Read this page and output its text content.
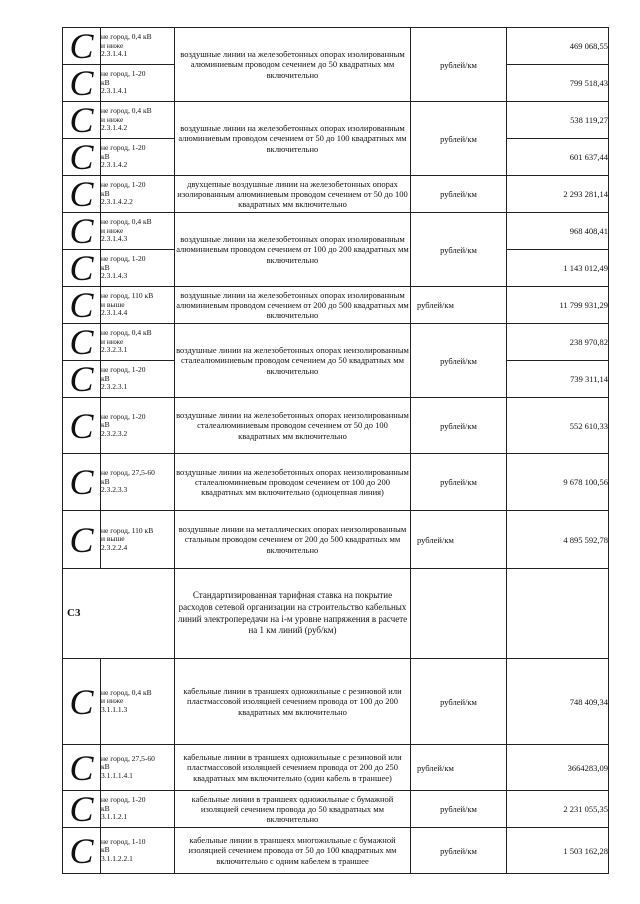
C	не город, 0,4 кВ
и ниже
2.3.1.4.1	воздушные линии на железобетонных опорах изолированным алюминиевым проводом сечением до 50 квадратных мм включительно	рублей/км	469 068,55
C	не город, 1-20
кВ
2.3.1.4.1			799 518,43
C	не город, 0,4 кВ
и ниже
2.3.1.4.2	воздушные линии на железобетонных опорах изолированным алюминиевым проводом сечением от 50 до 100 квадратных мм включительно	рублей/км	538 119,27
C	не город, 1-20
кВ
2.3.1.4.2			601 637,44
C	не город, 1-20
кВ
2.3.1.4.2.2	двухцепные воздушные линии на железобетонных опорах изолированным алюминиевым проводом сечением от 50 до 100 квадратных мм включительно	рублей/км	2 293 281,14
C	не город, 0,4 кВ
и ниже
2.3.1.4.3	воздушные линии на железобетонных опорах изолированным алюминиевым проводом сечением от 100 до 200 квадратных мм включительно	рублей/км	968 408,41
C	не город, 1-20
кВ
2.3.1.4.3			1 143 012,49
C	не город, 110 кВ
и выше
2.3.1.4.4	воздушные линии на железобетонных опорах изолированным алюминиевым проводом сечением от 200 до 500 квадратных мм включительно	рублей/км	11 799 931,29
C	не город, 0,4 кВ
и ниже
2.3.2.3.1	воздушные линии на железобетонных опорах неизолированным сталеалюминиевым проводом сечением до 50 квадратных мм включительно	рублей/км	238 970,82
C	не город, 1-20
кВ
2.3.2.3.1			739 311,14
C	не город, 1-20
кВ
2.3.2.3.2	воздушные линии на железобетонных опорах неизолированным сталеалюминиевым проводом сечением от 50 до 100 квадратных мм включительно	рублей/км	552 610,33
C	не город, 27,5-60
кВ
2.3.2.3.3	воздушные линии на железобетонных опорах неизолированным сталеалюминиевым проводом сечением от 100 до 200 квадратных мм включительно (одноцепная линия)	рублей/км	9 678 100,56
C	не город, 110 кВ
и выше
2.3.2.2.4	воздушные линии на металлических опорах неизолированным стальным проводом сечением от 200 до 500 квадратных мм включительно	рублей/км	4 895 592,78
C3		Стандартизированная тарифная ставка на покрытие расходов сетевой организации на строительство кабельных линий электропередачи на i-м уровне напряжения в расчете на 1 км линий (руб/км)		
C	не город, 0,4 кВ
и ниже
3.1.1.1.3	кабельные линии в траншеях одножильные с резиновой или пластмассовой изоляцией сечением провода от 100 до 200 квадратных мм включительно	рублей/км	748 409,34
C	не город, 27,5-60
кВ
3.1.1.1.4.1	кабельные линии в траншеях одножильные с резиновой или пластмассовой изоляцией сечением провода от 200 до 250 квадратных мм включительно (один кабель в траншее)	рублей/км	3664283,09
C	не город, 1-20
кВ
3.1.1.2.1	кабельные линии в траншеях одножильные с бумажной изоляцией сечением провода до 50 квадратных мм включительно	рублей/км	2 231 055,35
C	не город, 1-10
кВ
3.1.1.2.2.1	кабельные линии в траншеях многожильные с бумажной изоляцией сечением провода от 50 до 100 квадратных мм включительно с одним кабелем в траншее	рублей/км	1 503 162,28
